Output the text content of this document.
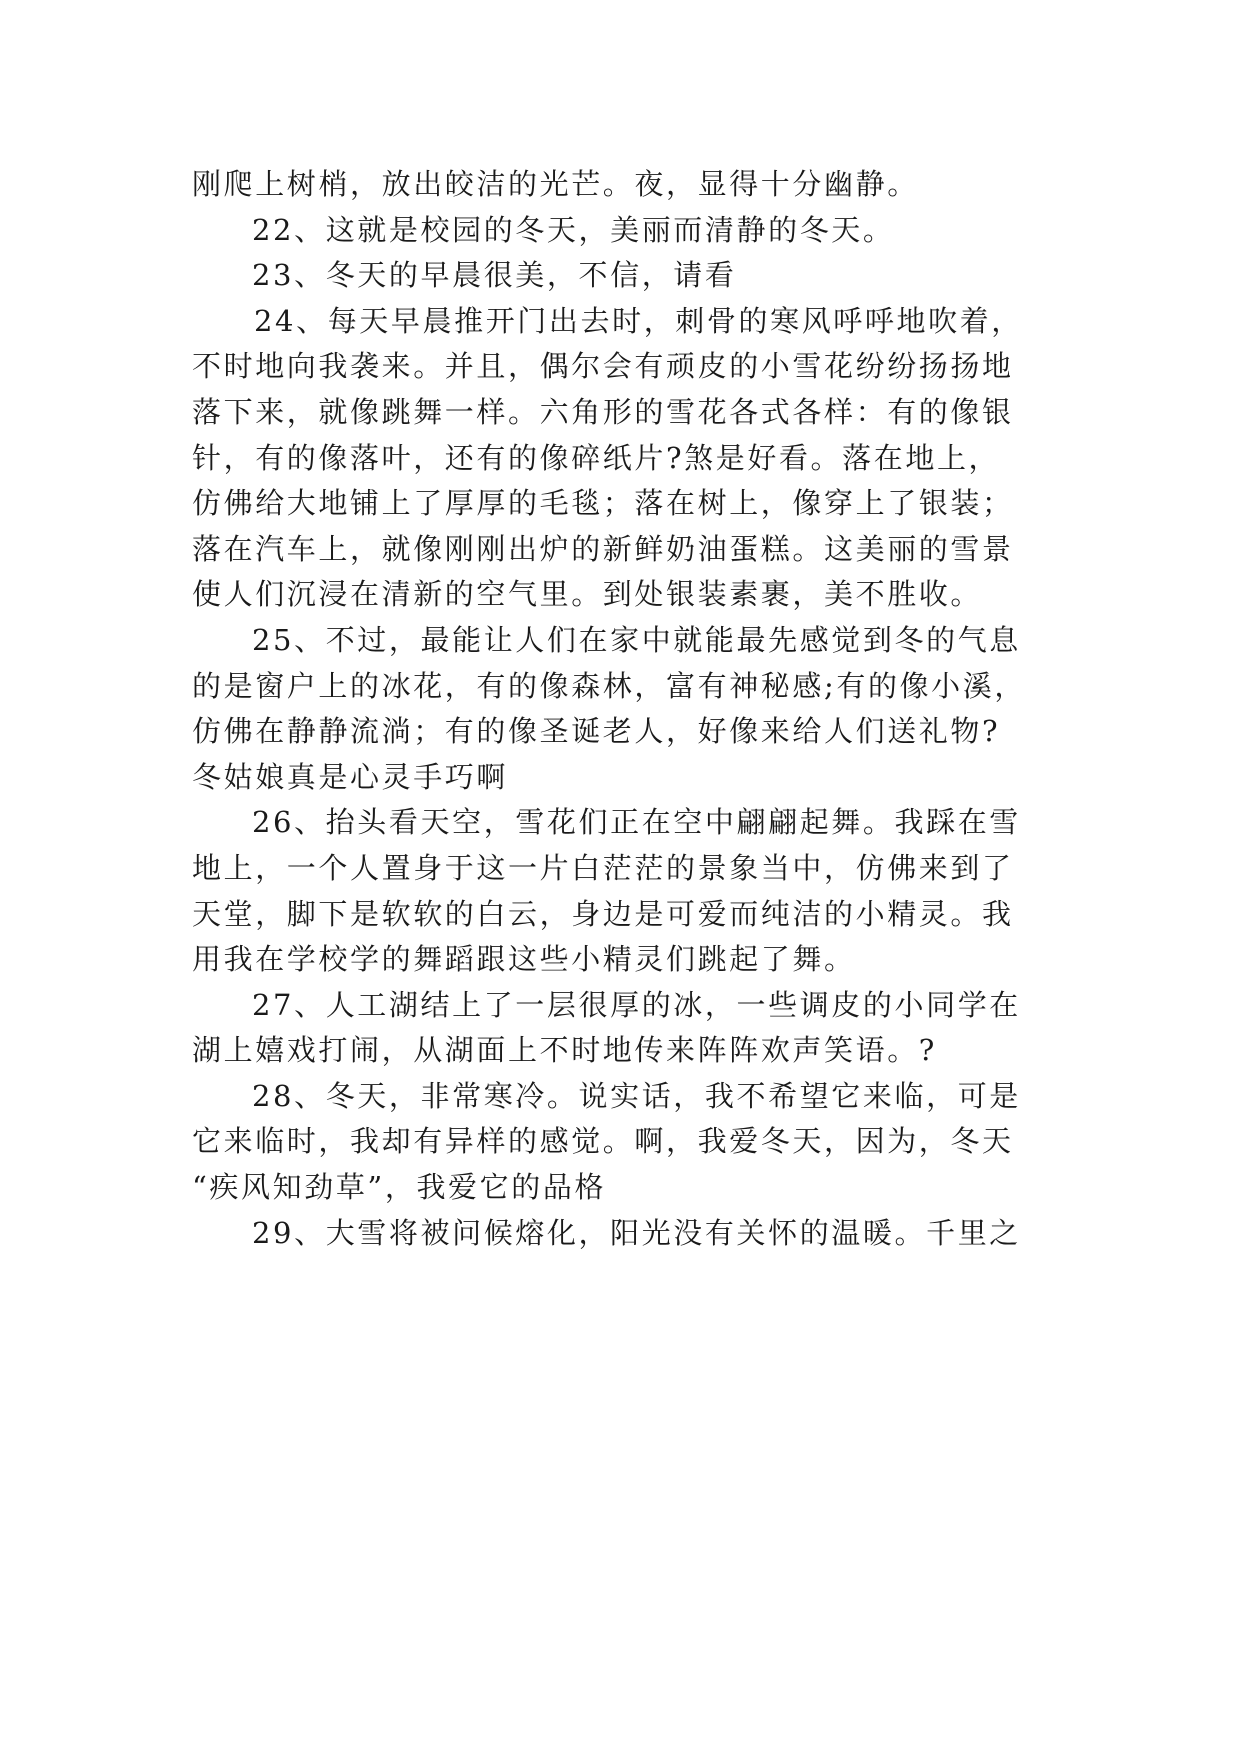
刚爬上树梢，放出皎洁的光芒。夜，显得十分幽静。
22、这就是校园的冬天，美丽而清静的冬天。
23、冬天的早晨很美，不信，请看
24、每天早晨推开门出去时，刺骨的寒风呼呼地吹着，
不时地向我袭来。并且，偶尔会有顽皮的小雪花纷纷扬扬地
落下来，就像跳舞一样。六角形的雪花各式各样：有的像银
针，有的像落叶，还有的像碎纸片?煞是好看。落在地上，
仿佛给大地铺上了厚厚的毛毯；落在树上，像穿上了银装；
落在汽车上，就像刚刚出炉的新鲜奶油蛋糕。这美丽的雪景
使人们沉浸在清新的空气里。到处银装素裹，美不胜收。
25、不过，最能让人们在家中就能最先感觉到冬的气息
的是窗户上的冰花，有的像森林，富有神秘感;有的像小溪，
仿佛在静静流淌；有的像圣诞老人，好像来给人们送礼物?
冬姑娘真是心灵手巧啊
26、抬头看天空，雪花们正在空中翩翩起舞。我踩在雪
地上，一个人置身于这一片白茫茫的景象当中，仿佛来到了
天堂，脚下是软软的白云，身边是可爱而纯洁的小精灵。我
用我在学校学的舞蹈跟这些小精灵们跳起了舞。
27、人工湖结上了一层很厚的冰，一些调皮的小同学在
湖上嬉戏打闹，从湖面上不时地传来阵阵欢声笑语。?
28、冬天，非常寒冷。说实话，我不希望它来临，可是
它来临时，我却有异样的感觉。啊，我爱冬天，因为，冬天
“疾风知劲草”，我爱它的品格
29、大雪将被问候熔化，阳光没有关怀的温暖。千里之
